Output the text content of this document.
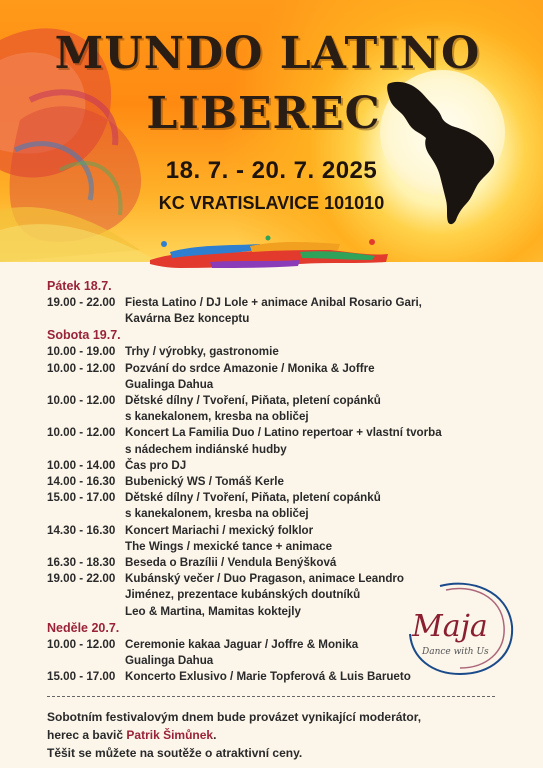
MUNDO LATINO
LIBEREC
18. 7. - 20. 7. 2025
KC VRATISLAVICE 101010
Pátek 18.7.
19.00 - 22.00 Fiesta Latino / DJ Lole + animace Anibal Rosario Gari,
Kavárna Bez konceptu
Sobota 19.7.
10.00 - 19.00 Trhy / výrobky, gastronomie
10.00 - 12.00 Pozvání do srdce Amazonie / Monika & Joffre
Gualinga Dahua
10.00 - 12.00 Dětské dílny / Tvoření, Piňata, pletení copánků
s kanekalonem, kresba na obličej
10.00 - 12.00 Koncert La Familia Duo / Latino repertoar + vlastní tvorba
s nádechem indiánské hudby
10.00 - 14.00 Čas pro DJ
14.00 - 16.30 Bubenický WS / Tomáš Kerle
15.00 - 17.00 Dětské dílny / Tvoření, Piňata, pletení copánků
s kanekalonem, kresba na obličej
14.30 - 16.30 Koncert Mariachi / mexický folklor
The Wings / mexické tance + animace
16.30 - 18.30 Beseda o Brazílii / Vendula Benýšková
19.00 - 22.00 Kubánský večer / Duo Pragason, animace Leandro
Jiménez, prezentace kubánských doutníků
Leo & Martina, Mamitas koktejly
Neděle 20.7.
10.00 - 12.00 Ceremonie kakaa Jaguar / Joffre & Monika
Gualinga Dahua
15.00 - 17.00 Koncerto Exlusivo / Marie Topferová & Luis Barueto
Maja
Dance with Us
Sobotním festivalovým dnem bude provázet vynikající moderátor,
herec a bavič Patrik Šimůnek.
Těšit se můžete na soutěže o atraktivní ceny.
